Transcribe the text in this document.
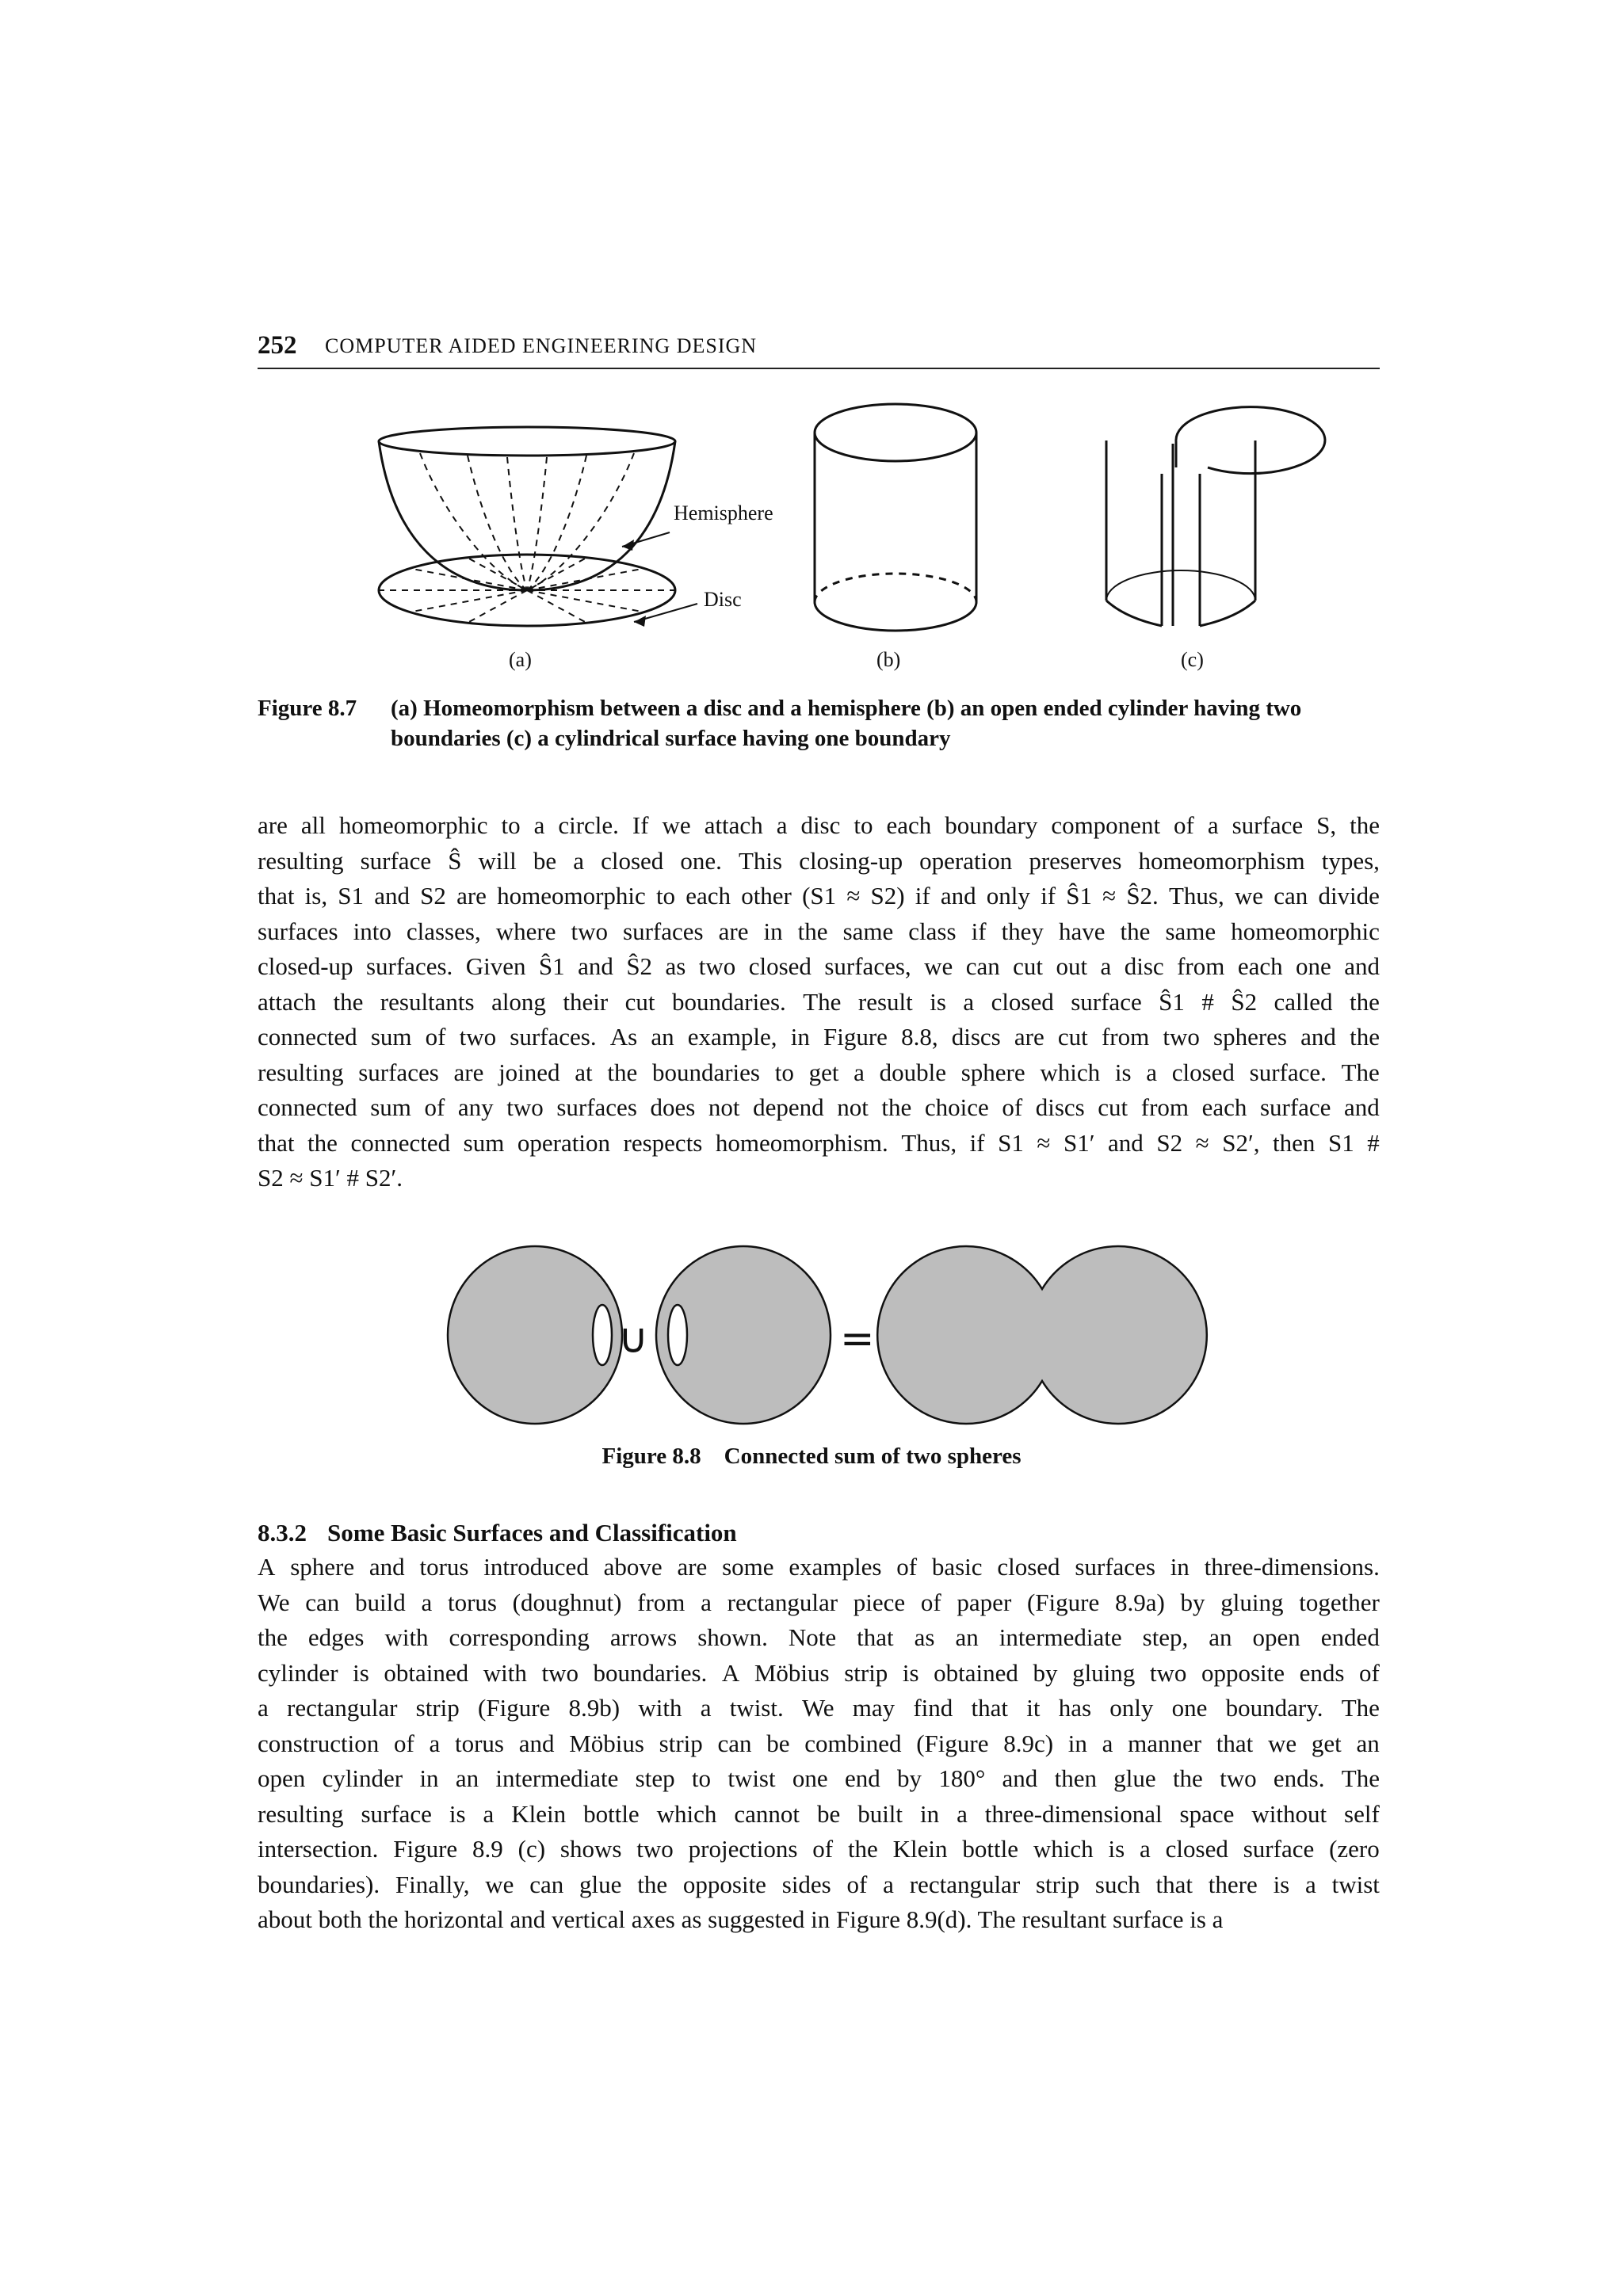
252 COMPUTER AIDED ENGINEERING DESIGN
Hemisphere
Disc
(a)	(b)	(c)
Figure 8.7 (a) Homeomorphism between a disc and a hemisphere (b) an open ended cylinder having two boundaries (c) a cylindrical surface having one boundary
are all homeomorphic to a circle. If we attach a disc to each boundary component of a surface S, the
resulting surface Ŝ will be a closed one. This closing-up operation preserves homeomorphism types,
that is, S1 and S2 are homeomorphic to each other (S1 ≈ S2) if and only if Ŝ1 ≈ Ŝ2. Thus, we can divide
surfaces into classes, where two surfaces are in the same class if they have the same homeomorphic
closed-up surfaces. Given Ŝ1 and Ŝ2 as two closed surfaces, we can cut out a disc from each one and
attach the resultants along their cut boundaries. The result is a closed surface Ŝ1 # Ŝ2 called the
connected sum of two surfaces. As an example, in Figure 8.8, discs are cut from two spheres and the
resulting surfaces are joined at the boundaries to get a double sphere which is a closed surface. The
connected sum of any two surfaces does not depend not the choice of discs cut from each surface and
that the connected sum operation respects homeomorphism. Thus, if S1 ≈ S1′ and S2 ≈ S2′, then S1 #
S2 ≈ S1′ # S2′.
∪	=
Figure 8.8    Connected sum of two spheres
8.3.2 Some Basic Surfaces and Classification
A sphere and torus introduced above are some examples of basic closed surfaces in three-dimensions.
We can build a torus (doughnut) from a rectangular piece of paper (Figure 8.9a) by gluing together
the edges with corresponding arrows shown. Note that as an intermediate step, an open ended
cylinder is obtained with two boundaries. A Möbius strip is obtained by gluing two opposite ends of
a rectangular strip (Figure 8.9b) with a twist. We may find that it has only one boundary. The
construction of a torus and Möbius strip can be combined (Figure 8.9c) in a manner that we get an
open cylinder in an intermediate step to twist one end by 180° and then glue the two ends. The
resulting surface is a Klein bottle which cannot be built in a three-dimensional space without self
intersection. Figure 8.9 (c) shows two projections of the Klein bottle which is a closed surface (zero
boundaries). Finally, we can glue the opposite sides of a rectangular strip such that there is a twist
about both the horizontal and vertical axes as suggested in Figure 8.9(d). The resultant surface is a
